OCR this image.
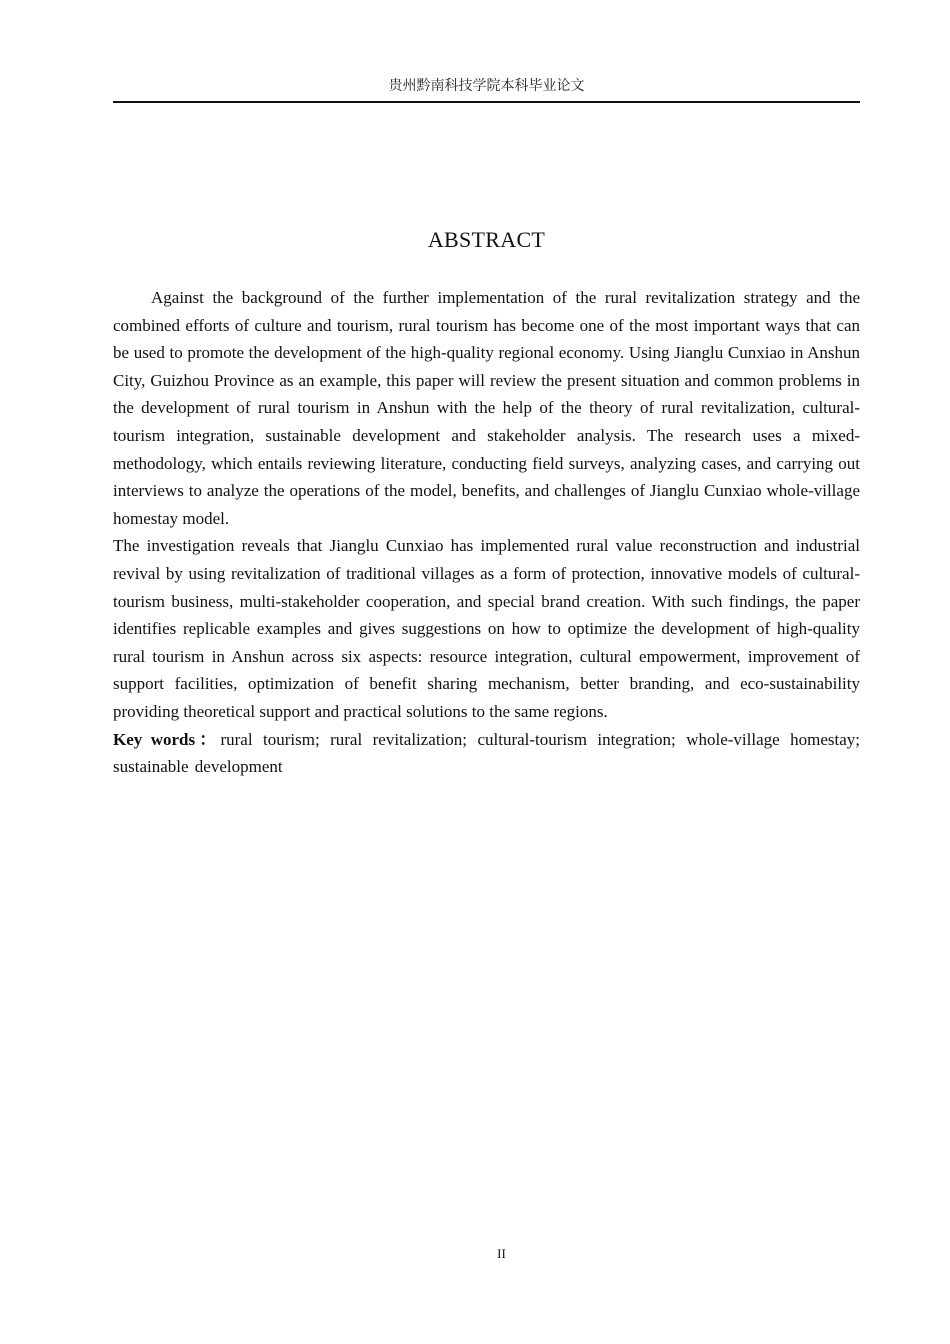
贵州黔南科技学院本科毕业论文
ABSTRACT

Against the background of the further implementation of the rural revitalization strategy and the combined efforts of culture and tourism, rural tourism has become one of the most important ways that can be used to promote the development of the high-quality regional economy. Using Jianglu Cunxiao in Anshun City, Guizhou Province as an example, this paper will review the present situation and common problems in the development of rural tourism in Anshun with the help of the theory of rural revitalization, cultural-tourism integration, sustainable development and stakeholder analysis. The research uses a mixed-methodology, which entails reviewing literature, conducting field surveys, analyzing cases, and carrying out interviews to analyze the operations of the model, benefits, and challenges of Jianglu Cunxiao whole-village homestay model.

The investigation reveals that Jianglu Cunxiao has implemented rural value reconstruction and industrial revival by using revitalization of traditional villages as a form of protection, innovative models of cultural-tourism business, multi-stakeholder cooperation, and special brand creation. With such findings, the paper identifies replicable examples and gives suggestions on how to optimize the development of high-quality rural tourism in Anshun across six aspects: resource integration, cultural empowerment, improvement of support facilities, optimization of benefit sharing mechanism, better branding, and eco-sustainability providing theoretical support and practical solutions to the same regions.

Key words：rural tourism; rural revitalization; cultural-tourism integration; whole-village homestay; sustainable development

II
